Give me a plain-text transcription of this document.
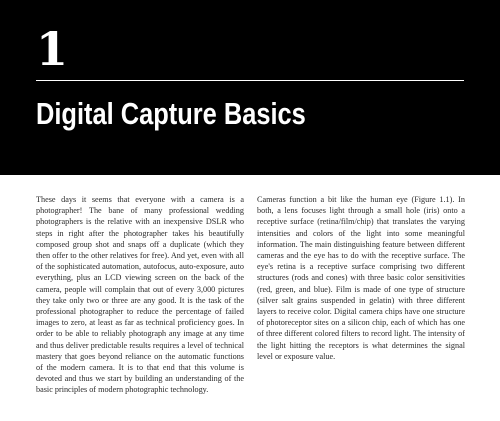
1
Digital Capture Basics

These days it seems that everyone with a camera is a photographer! The bane of many professional wedding photographers is the relative with an inexpensive DSLR who steps in right after the photographer takes his beautifully composed group shot and snaps off a duplicate (which they then offer to the other relatives for free). And yet, even with all of the sophisticated automation, autofocus, auto-exposure, auto everything, plus an LCD viewing screen on the back of the camera, people will complain that out of every 3,000 pictures they take only two or three are any good. It is the task of the professional photographer to reduce the percentage of failed images to zero, at least as far as technical proficiency goes. In order to be able to reliably photograph any image at any time and thus deliver predictable results requires a level of technical mastery that goes beyond reliance on the automatic functions of the modern camera. It is to that end that this volume is devoted and thus we start by building an understanding of the basic principles of modern photographic technology.

Cameras function a bit like the human eye (Figure 1.1). In both, a lens focuses light through a small hole (iris) onto a receptive surface (retina/film/chip) that translates the varying intensities and colors of the light into some meaningful information. The main distinguishing feature between different cameras and the eye has to do with the receptive surface. The eye's retina is a receptive surface comprising two different structures (rods and cones) with three basic color sensitivities (red, green, and blue). Film is made of one type of structure (silver salt grains suspended in gelatin) with three different layers to receive color. Digital camera chips have one structure of photoreceptor sites on a silicon chip, each of which has one of three different colored filters to record light. The intensity of the light hitting the receptors is what determines the signal level or exposure value.
